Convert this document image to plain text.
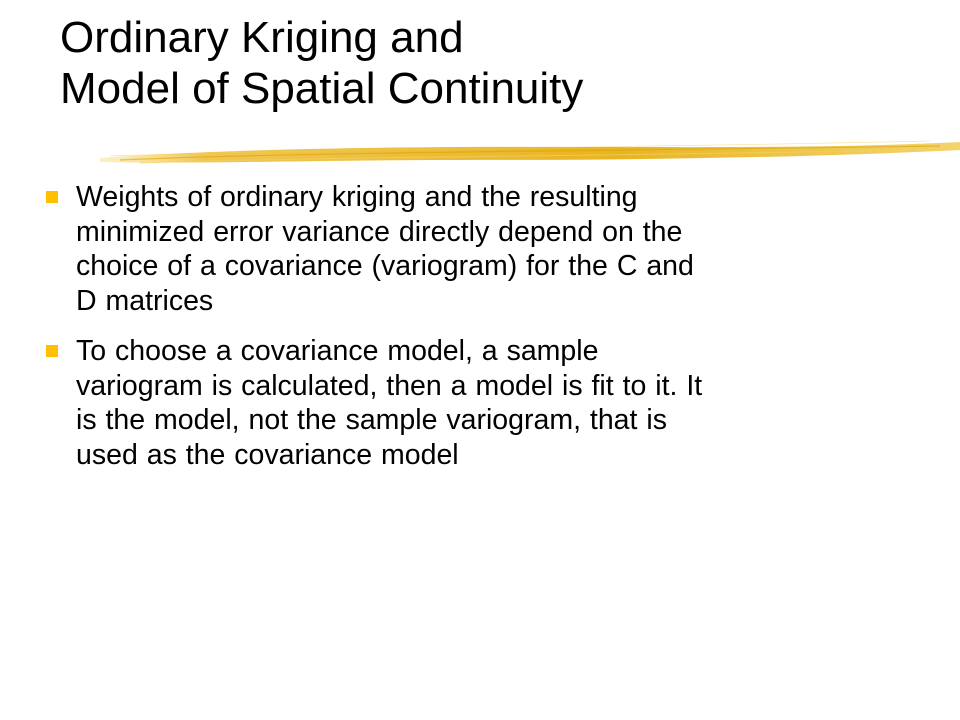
Ordinary Kriging and
Model of Spatial Continuity
Weights of ordinary kriging and the resulting
minimized error variance directly depend on the
choice of a covariance (variogram) for the C and
D matrices
To choose a covariance model, a sample
variogram is calculated, then a model is fit to it. It
is the model, not the sample variogram, that is
used as the covariance model
